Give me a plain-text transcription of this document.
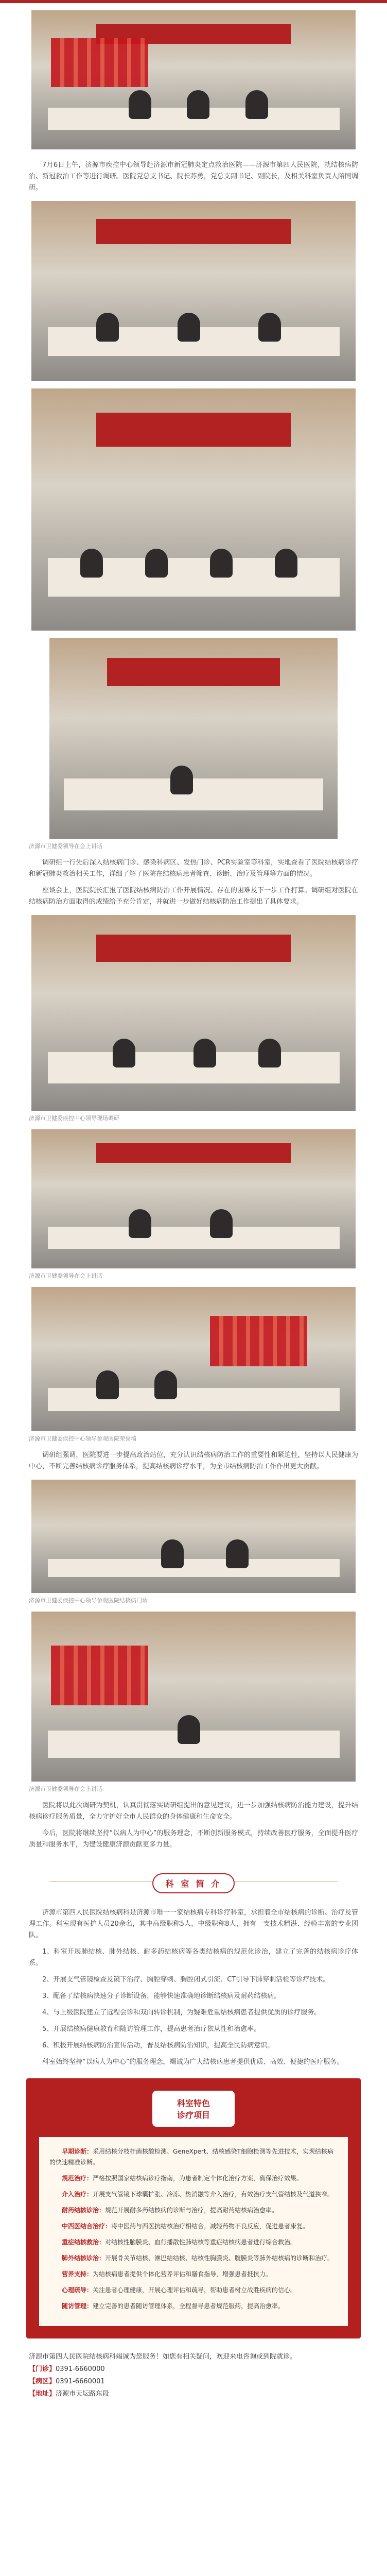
7月6日上午，济源市疾控中心领导赴济源市新冠肺炎定点救治医院——济源市第四人民医院，就结核病防治、新冠救治工作等进行调研。医院党总支书记、院长苏勇，党总支副书记、副院长，及相关科室负责人陪同调研。

济源市卫健委领导在会上讲话

调研组一行先后深入结核病门诊、感染科病区、发热门诊、PCR实验室等科室，实地查看了医院结核病诊疗和新冠肺炎救治相关工作，详细了解了医院在结核病患者筛查、诊断、治疗及管理等方面的情况。

座谈会上，医院院长汇报了医院结核病防治工作开展情况、存在的困难及下一步工作打算。调研组对医院在结核病防治方面取得的成绩给予充分肯定，并就进一步做好结核病防治工作提出了具体要求。

济源市卫健委疾控中心领导现场调研
济源市卫健委领导在会上讲话
济源市卫健委疾控中心领导参观医院荣誉墙

调研组强调，医院要进一步提高政治站位，充分认识结核病防治工作的重要性和紧迫性，坚持以人民健康为中心，不断完善结核病诊疗服务体系，提高结核病诊疗水平，为全市结核病防治工作作出更大贡献。

济源市卫健委疾控中心领导参观医院结核病门诊
济源市卫健委领导在会上讲话

医院将以此次调研为契机，认真贯彻落实调研组提出的意见建议，进一步加强结核病防治能力建设，提升结核病诊疗服务质量，全力守护好全市人民群众的身体健康和生命安全。

今后，医院将继续坚持“以病人为中心”的服务理念，不断创新服务模式，持续改善医疗服务，全面提升医疗质量和服务水平，为建设健康济源贡献更多力量。

科 室 简 介

济源市第四人民医院结核病科是济源市唯一一家结核病专科诊疗科室，承担着全市结核病的诊断、治疗及管理工作。科室现有医护人员20余名，其中高级职称5人，中级职称8人，拥有一支技术精湛、经验丰富的专业团队。

1、科室开展肺结核、肺外结核、耐多药结核病等各类结核病的规范化诊治，建立了完善的结核病诊疗体系。

2、开展支气管镜检查及镜下治疗、胸腔穿刺、胸腔闭式引流、CT引导下肺穿刺活检等诊疗技术。

3、配备了结核病快速分子诊断设备，能够快速准确地诊断结核病及耐药结核病。

4、与上级医院建立了远程会诊和双向转诊机制，为疑难危重结核病患者提供优质的诊疗服务。

5、开展结核病健康教育和随访管理工作，提高患者治疗依从性和治愈率。

6、积极开展结核病防治宣传活动，普及结核病防治知识，提高全民防病意识。

科室始终坚持“以病人为中心”的服务理念，竭诚为广大结核病患者提供优质、高效、便捷的医疗服务。

科室特色
诊疗项目

早期诊断：采用结核分枝杆菌核酸检测、GeneXpert、结核感染T细胞检测等先进技术，实现结核病的快速精准诊断。

规范治疗：严格按照国家结核病诊疗指南，为患者制定个体化治疗方案，确保治疗效果。

介入治疗：开展支气管镜下球囊扩张、冷冻、热消融等介入治疗，有效治疗支气管结核及气道狭窄。

耐药结核诊治：规范开展耐多药结核病的诊断与治疗，提高耐药结核病治愈率。

中西医结合治疗：将中医药与西医抗结核治疗相结合，减轻药物不良反应，促进患者康复。

重症结核救治：对结核性脑膜炎、血行播散性肺结核等重症结核病患者进行综合救治。

肺外结核诊治：开展骨关节结核、淋巴结结核、结核性胸膜炎、腹膜炎等肺外结核病的诊断和治疗。

营养支持：为结核病患者提供个体化营养评估和膳食指导，增强患者抵抗力。

心理疏导：关注患者心理健康，开展心理评估和疏导，帮助患者树立战胜疾病的信心。

随访管理：建立完善的患者随访管理体系，全程督导患者规范服药，提高治愈率。

济源市第四人民医院结核病科竭诚为您服务！如您有相关疑问，欢迎来电咨询或到院就诊。
【门诊】0391-6660000
【病区】0391-6660001
【地址】济源市天坛路东段
